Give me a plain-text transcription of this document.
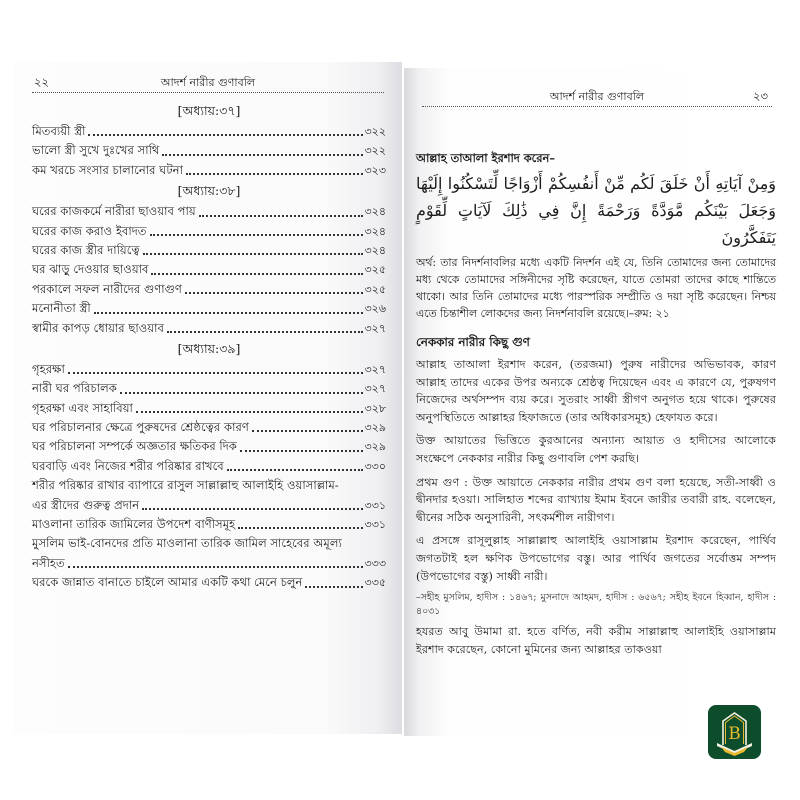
২২	আদর্শ নারীর গুণাবলি
[অধ্যায়:৩৭]
মিতব্যয়ী স্ত্রী	৩২২
ভালো স্ত্রী সুখে দুঃখের সাথি	৩২২
কম খরচে সংসার চালানোর ঘটনা	৩২৩
[অধ্যায়:৩৮]
ঘরের কাজকর্মে নারীরা ছাওয়াব পায়	৩২৪
ঘরের কাজ করাও ইবাদত	৩২৪
ঘরের কাজ স্ত্রীর দায়িত্বে	৩২৪
ঘর ঝাড়ু দেওয়ার ছাওয়াব	৩২৫
পরকালে সফল নারীদের গুণাগুণ	৩২৫
মনোনীতা স্ত্রী	৩২৬
স্বামীর কাপড় ধোয়ার ছাওয়াব	৩২৭
[অধ্যায়:৩৯]
গৃহরক্ষা	৩২৭
নারী ঘর পরিচালক	৩২৭
গৃহরক্ষা এবং সাহাবিয়া	৩২৮
ঘর পরিচালনার ক্ষেত্রে পুরুষদের শ্রেষ্ঠত্বের কারণ	৩২৯
ঘর পরিচালনা সম্পর্কে অজ্ঞতার ক্ষতিকর দিক	৩২৯
ঘরবাড়ি এবং নিজের শরীর পরিষ্কার রাখবে	৩৩০
শরীর পরিষ্কার রাখার ব্যাপারে রাসুল সাল্লাল্লাহু আলাইহি ওয়াসাল্লাম-
এর স্ত্রীদের গুরুত্ব প্রদান	৩৩১
মাওলানা তারিক জামিলের উপদেশ বাণীসমূহ	৩৩১
মুসলিম ভাই-বোনদের প্রতি মাওলানা তারিক জামিল সাহেবের অমূল্য
নসীহত	৩৩৩
ঘরকে জান্নাত বানাতে চাইলে আমার একটি কথা মেনে চলুন	৩৩৫
আদর্শ নারীর গুণাবলি	২৩
আল্লাহ তাআলা ইরশাদ করেন–
وَمِنْ آيَاتِهِ أَنْ خَلَقَ لَكُم مِّنْ أَنفُسِكُمْ أَزْوَاجًا لِّتَسْكُنُوا إِلَيْهَا وَجَعَلَ بَيْنَكُم مَّوَدَّةً وَرَحْمَةً إِنَّ فِي ذَٰلِكَ لَآيَاتٍ لِّقَوْمٍ يَتَفَكَّرُونَ

অর্থ: তার নিদর্শনাবলির মধ্যে একটি নিদর্শন এই যে, তিনি তোমাদের জন্য তোমাদের মধ্য থেকে তোমাদের সঙ্গিনীদের সৃষ্টি করেছেন, যাতে তোমরা তাদের কাছে শান্তিতে থাকো। আর তিনি তোমাদের মধ্যে পারস্পরিক সম্প্রীতি ও দয়া সৃষ্টি করেছেন। নিশ্চয় এতে চিন্তাশীল লোকদের জন্য নিদর্শনাবলি রয়েছে।–রুম: ২১

নেককার নারীর কিছু গুণ

আল্লাহ তাআলা ইরশাদ করেন, (তরজমা) পুরুষ নারীদের অভিভাবক, কারণ আল্লাহ তাদের একের উপর অন্যকে শ্রেষ্ঠত্ব দিয়েছেন এবং এ কারণে যে, পুরুষগণ নিজেদের অর্থসম্পদ ব্যয় করে। সুতরাং সাধ্বী স্ত্রীগণ অনুগত হয়ে থাকে। পুরুষের অনুপস্থিতিতে আল্লাহর হিফাজতে (তার অধিকারসমূহ) হেফাযত করে।

উক্ত আয়াতের ভিত্তিতে কুরআনের অন্যান্য আয়াত ও হাদীসের আলোকে সংক্ষেপে নেককার নারীর কিছু গুণাবলি পেশ করছি।

প্রথম গুণ : উক্ত আয়াতে নেককার নারীর প্রথম গুণ বলা হয়েছে, সতী-সাধ্বী ও দ্বীনদার হওয়া। সালিহাত শব্দের ব্যাখ্যায় ইমাম ইবনে জারীর তবারী রাহ. বলেছেন, দ্বীনের সঠিক অনুসারিনী, সৎকর্মশীল নারীগণ।

এ প্রসঙ্গে রাসূলুল্লাহ সাল্লাল্লাহু আলাইহি ওয়াসাল্লাম ইরশাদ করেছেন, পার্থিব জগতটাই হল ক্ষণিক উপভোগের বস্তু। আর পার্থিব জগতের সর্বোত্তম সম্পদ (উপভোগের বস্তু) সাধ্বী নারী।

–সহীহ মুসলিম, হাদীস : ১৪৬৭; মুসনাদে আহমদ, হাদীস : ৬৫৬৭; সহীহ ইবনে হিব্বান, হাদীস : ৪০৩১

হযরত আবু উমামা রা. হতে বর্ণিত, নবী করীম সাল্লাল্লাহু আলাইহি ওয়াসাল্লাম ইরশাদ করেছেন, কোনো মুমিনের জন্য আল্লাহর তাকওয়া

B
